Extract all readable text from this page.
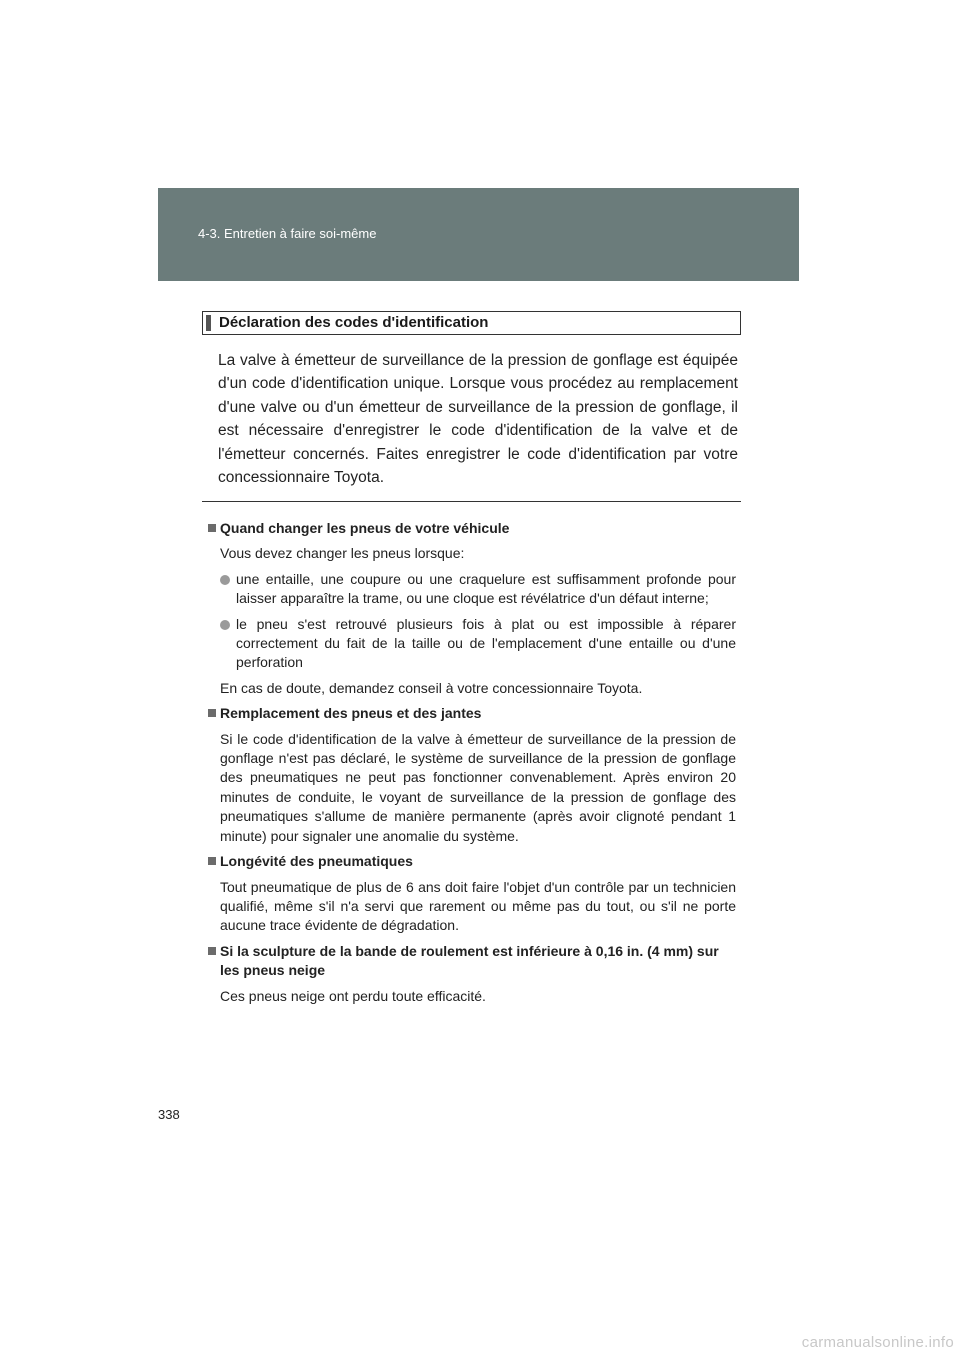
4-3. Entretien à faire soi-même
Déclaration des codes d'identification
La valve à émetteur de surveillance de la pression de gonflage est équipée d'un code d'identification unique. Lorsque vous procédez au remplacement d'une valve ou d'un émetteur de surveillance de la pression de gonflage, il est nécessaire d'enregistrer le code d'identification de la valve et de l'émetteur concernés. Faites enregistrer le code d'identification par votre concessionnaire Toyota.
Quand changer les pneus de votre véhicule
Vous devez changer les pneus lorsque:
une entaille, une coupure ou une craquelure est suffisamment profonde pour laisser apparaître la trame, ou une cloque est révélatrice d'un défaut interne;
le pneu s'est retrouvé plusieurs fois à plat ou est impossible à réparer correctement du fait de la taille ou de l'emplacement d'une entaille ou d'une perforation
En cas de doute, demandez conseil à votre concessionnaire Toyota.
Remplacement des pneus et des jantes
Si le code d'identification de la valve à émetteur de surveillance de la pression de gonflage n'est pas déclaré, le système de surveillance de la pression de gonflage des pneumatiques ne peut pas fonctionner convenablement. Après environ 20 minutes de conduite, le voyant de surveillance de la pression de gonflage des pneumatiques s'allume de manière permanente (après avoir clignoté pendant 1 minute) pour signaler une anomalie du système.
Longévité des pneumatiques
Tout pneumatique de plus de 6 ans doit faire l'objet d'un contrôle par un technicien qualifié, même s'il n'a servi que rarement ou même pas du tout, ou s'il ne porte aucune trace évidente de dégradation.
Si la sculpture de la bande de roulement est inférieure à 0,16 in. (4 mm) sur les pneus neige
Ces pneus neige ont perdu toute efficacité.
338
carmanualsonline.info
